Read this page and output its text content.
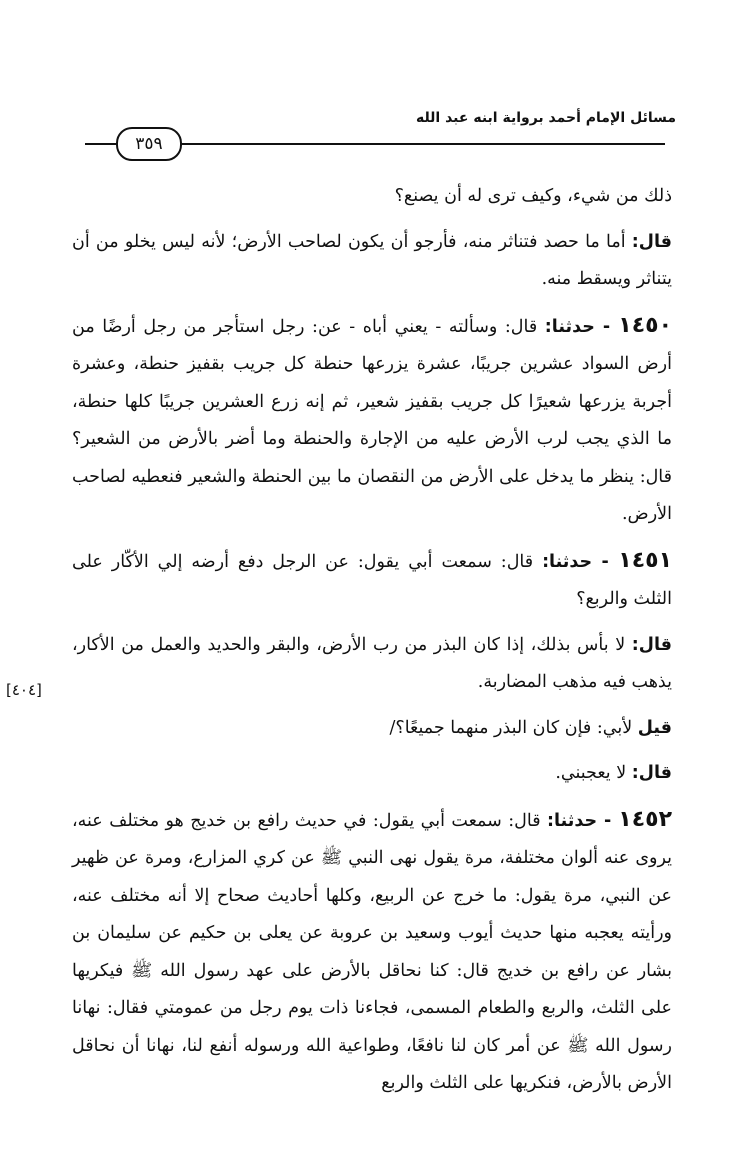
مسائل الإمام أحمد برواية ابنه عبد الله
٣٥٩
[٤٠٤]

ذلك من شيء، وكيف ترى له أن يصنع؟

قال: أما ما حصد فتناثر منه، فأرجو أن يكون لصاحب الأرض؛ لأنه ليس يخلو من أن يتناثر ويسقط منه.

١٤٥٠ - حدثنا: قال: وسألته - يعني أباه - عن: رجل استأجر من رجل أرضًا من أرض السواد عشرين جريبًا، عشرة يزرعها حنطة كل جريب بقفيز حنطة، وعشرة أجربة يزرعها شعيرًا كل جريب بقفيز شعير، ثم إنه زرع العشرين جريبًا كلها حنطة، ما الذي يجب لرب الأرض عليه من الإجارة والحنطة وما أضر بالأرض من الشعير؟ قال: ينظر ما يدخل على الأرض من النقصان ما بين الحنطة والشعير فنعطيه لصاحب الأرض.

١٤٥١ - حدثنا: قال: سمعت أبي يقول: عن الرجل دفع أرضه إلي الأكّار على الثلث والربع؟

قال: لا بأس بذلك، إذا كان البذر من رب الأرض، والبقر والحديد والعمل من الأكار، يذهب فيه مذهب المضاربة.

قيل لأبي: فإن كان البذر منهما جميعًا؟/

قال: لا يعجبني.

١٤٥٢ - حدثنا: قال: سمعت أبي يقول: في حديث رافع بن خديج هو مختلف عنه، يروى عنه ألوان مختلفة، مرة يقول نهى النبي ﷺ عن كري المزارع، ومرة عن ظهير عن النبي، مرة يقول: ما خرج عن الربيع، وكلها أحاديث صحاح إلا أنه مختلف عنه، ورأيته يعجبه منها حديث أيوب وسعيد بن عروبة عن يعلى بن حكيم عن سليمان بن بشار عن رافع بن خديج قال: كنا نحاقل بالأرض على عهد رسول الله ﷺ فيكريها على الثلث، والربع والطعام المسمى، فجاءنا ذات يوم رجل من عمومتي فقال: نهانا رسول الله ﷺ عن أمر كان لنا نافعًا، وطواعية الله ورسوله أنفع لنا، نهانا أن نحاقل الأرض بالأرض، فنكريها على الثلث والربع
